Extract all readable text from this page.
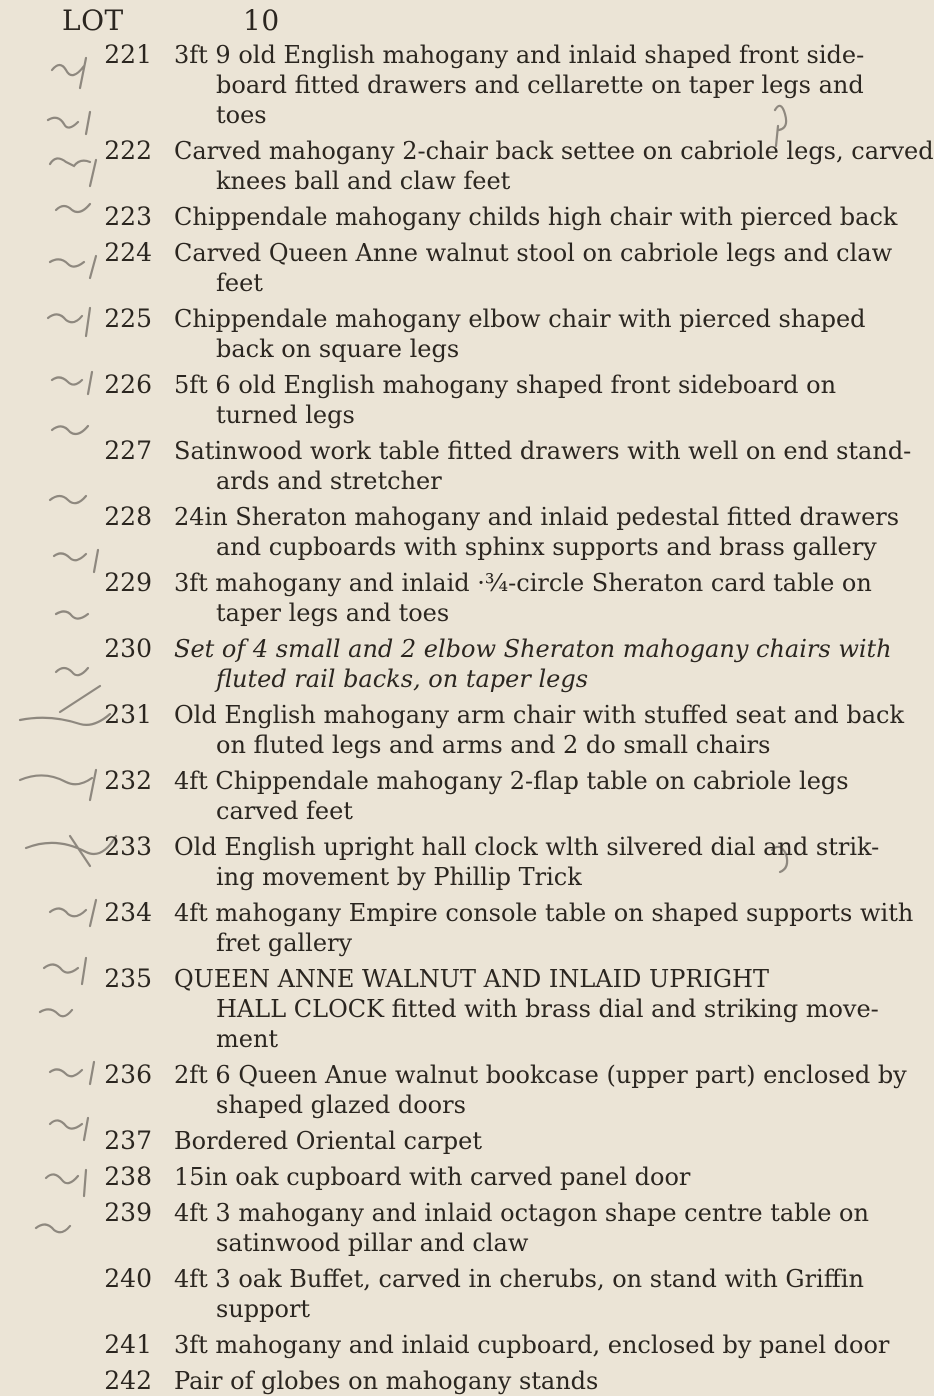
LOT	10
221 3ft 9 old English mahogany and inlaid shaped front side-
board fitted drawers and cellarette on taper legs and
toes
222 Carved mahogany 2-chair back settee on cabriole legs, carved
knees ball and claw feet
223 Chippendale mahogany childs high chair with pierced back
224 Carved Queen Anne walnut stool on cabriole legs and claw
feet
225 Chippendale mahogany elbow chair with pierced shaped
back on square legs
226 5ft 6 old English mahogany shaped front sideboard on
turned legs
227 Satinwood work table fitted drawers with well on end stand-
ards and stretcher
228 24in Sheraton mahogany and inlaid pedestal fitted drawers
and cupboards with sphinx supports and brass gallery
229 3ft mahogany and inlaid ·¾-circle Sheraton card table on
taper legs and toes
230 Set of 4 small and 2 elbow Sheraton mahogany chairs with
fluted rail backs, on taper legs
231 Old English mahogany arm chair with stuffed seat and back
on fluted legs and arms and 2 do small chairs
232 4ft Chippendale mahogany 2-flap table on cabriole legs
carved feet
233 Old English upright hall clock wlth silvered dial and strik-
ing movement by Phillip Trick
234 4ft mahogany Empire console table on shaped supports with
fret gallery
235 QUEEN ANNE WALNUT AND INLAID UPRIGHT
HALL CLOCK fitted with brass dial and striking move-
ment
236 2ft 6 Queen Anue walnut bookcase (upper part) enclosed by
shaped glazed doors
237 Bordered Oriental carpet
238 15in oak cupboard with carved panel door
239 4ft 3 mahogany and inlaid octagon shape centre table on
satinwood pillar and claw
240 4ft 3 oak Buffet, carved in cherubs, on stand with Griffin
support
241 3ft mahogany and inlaid cupboard, enclosed by panel door
242 Pair of globes on mahogany stands
